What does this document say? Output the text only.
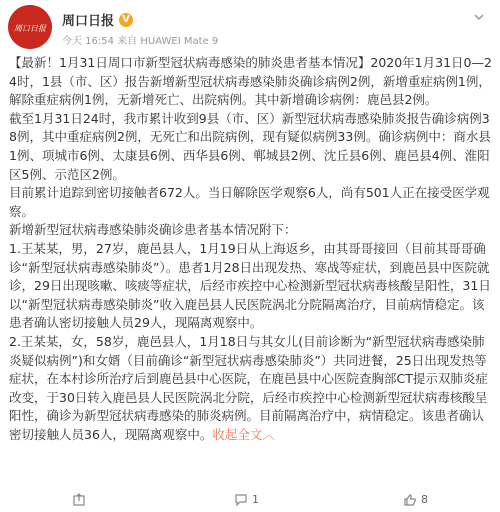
周口日报 周口日报 V
今天 16:54 来自 HUAWEI Mate 9

【最新！1月31日周口市新型冠状病毒感染的肺炎患者基本情况】2020年1月31日0—24时，1县（市、区）报告新增新型冠状病毒感染肺炎确诊病例2例，新增重症病例1例，解除重症病例1例，无新增死亡、出院病例。其中新增确诊病例：鹿邑县2例。

截至1月31日24时，我市累计收到9县（市、区）新型冠状病毒感染肺炎报告确诊病例38例，其中重症病例2例，无死亡和出院病例，现有疑似病例33例。确诊病例中：商水县1例、项城市6例、太康县6例、西华县6例、郸城县2例、沈丘县6例、鹿邑县4例、淮阳区5例、示范区2例。

目前累计追踪到密切接触者672人。当日解除医学观察6人，尚有501人正在接受医学观察。

新增新型冠状病毒感染肺炎确诊患者基本情况附下：

1.王某某，男，27岁，鹿邑县人，1月19日从上海返乡，由其哥哥接回（目前其哥哥确诊“新型冠状病毒感染肺炎”）。患者1月28日出现发热、寒战等症状，到鹿邑县中医院就诊，29日出现咳嗽、咳痰等症状，后经市疾控中心检测新型冠状病毒核酸呈阳性，31日以“新型冠状病毒感染肺炎”收入鹿邑县人民医院涡北分院隔离治疗，目前病情稳定。该患者确认密切接触人员29人，现隔离观察中。

2.王某某，女，58岁，鹿邑县人，1月18日与其女儿(目前诊断为“新型冠状病毒感染肺炎疑似病例”)和女婿（目前确诊“新型冠状病毒感染肺炎”）共同进餐，25日出现发热等症状，在本村诊所治疗后到鹿邑县中心医院，在鹿邑县中心医院查胸部CT提示双肺炎症改变，于30日转入鹿邑县人民医院涡北分院，后经市疾控中心检测新型冠状病毒核酸呈阳性，确诊为新型冠状病毒感染的肺炎病例。目前隔离治疗中，病情稳定。该患者确认密切接触人员36人，现隔离观察中。收起全文︿

1	8
